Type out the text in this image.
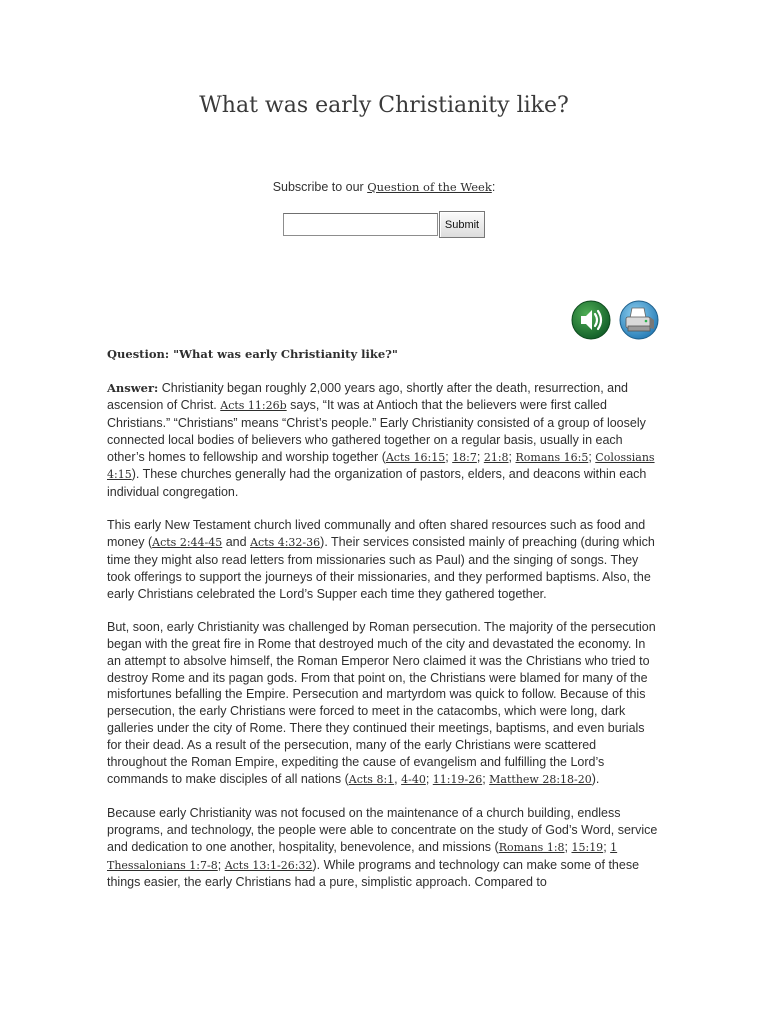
What was early Christianity like?
Subscribe to our Question of the Week:
Submit
Question: "What was early Christianity like?"

Answer: Christianity began roughly 2,000 years ago, shortly after the death, resurrection, and ascension of Christ. Acts 11:26b says, “It was at Antioch that the believers were first called Christians.” “Christians” means “Christ’s people.” Early Christianity consisted of a group of loosely connected local bodies of believers who gathered together on a regular basis, usually in each other’s homes to fellowship and worship together (Acts 16:15; 18:7; 21:8; Romans 16:5; Colossians 4:15). These churches generally had the organization of pastors, elders, and deacons within each individual congregation.

This early New Testament church lived communally and often shared resources such as food and money (Acts 2:44-45 and Acts 4:32-36). Their services consisted mainly of preaching (during which time they might also read letters from missionaries such as Paul) and the singing of songs. They took offerings to support the journeys of their missionaries, and they performed baptisms. Also, the early Christians celebrated the Lord’s Supper each time they gathered together.

But, soon, early Christianity was challenged by Roman persecution. The majority of the persecution began with the great fire in Rome that destroyed much of the city and devastated the economy. In an attempt to absolve himself, the Roman Emperor Nero claimed it was the Christians who tried to destroy Rome and its pagan gods. From that point on, the Christians were blamed for many of the misfortunes befalling the Empire. Persecution and martyrdom was quick to follow. Because of this persecution, the early Christians were forced to meet in the catacombs, which were long, dark galleries under the city of Rome. There they continued their meetings, baptisms, and even burials for their dead. As a result of the persecution, many of the early Christians were scattered throughout the Roman Empire, expediting the cause of evangelism and fulfilling the Lord’s commands to make disciples of all nations (Acts 8:1, 4-40; 11:19-26; Matthew 28:18-20).

Because early Christianity was not focused on the maintenance of a church building, endless programs, and technology, the people were able to concentrate on the study of God’s Word, service and dedication to one another, hospitality, benevolence, and missions (Romans 1:8; 15:19; 1 Thessalonians 1:7-8; Acts 13:1-26:32). While programs and technology can make some of these things easier, the early Christians had a pure, simplistic approach. Compared to
